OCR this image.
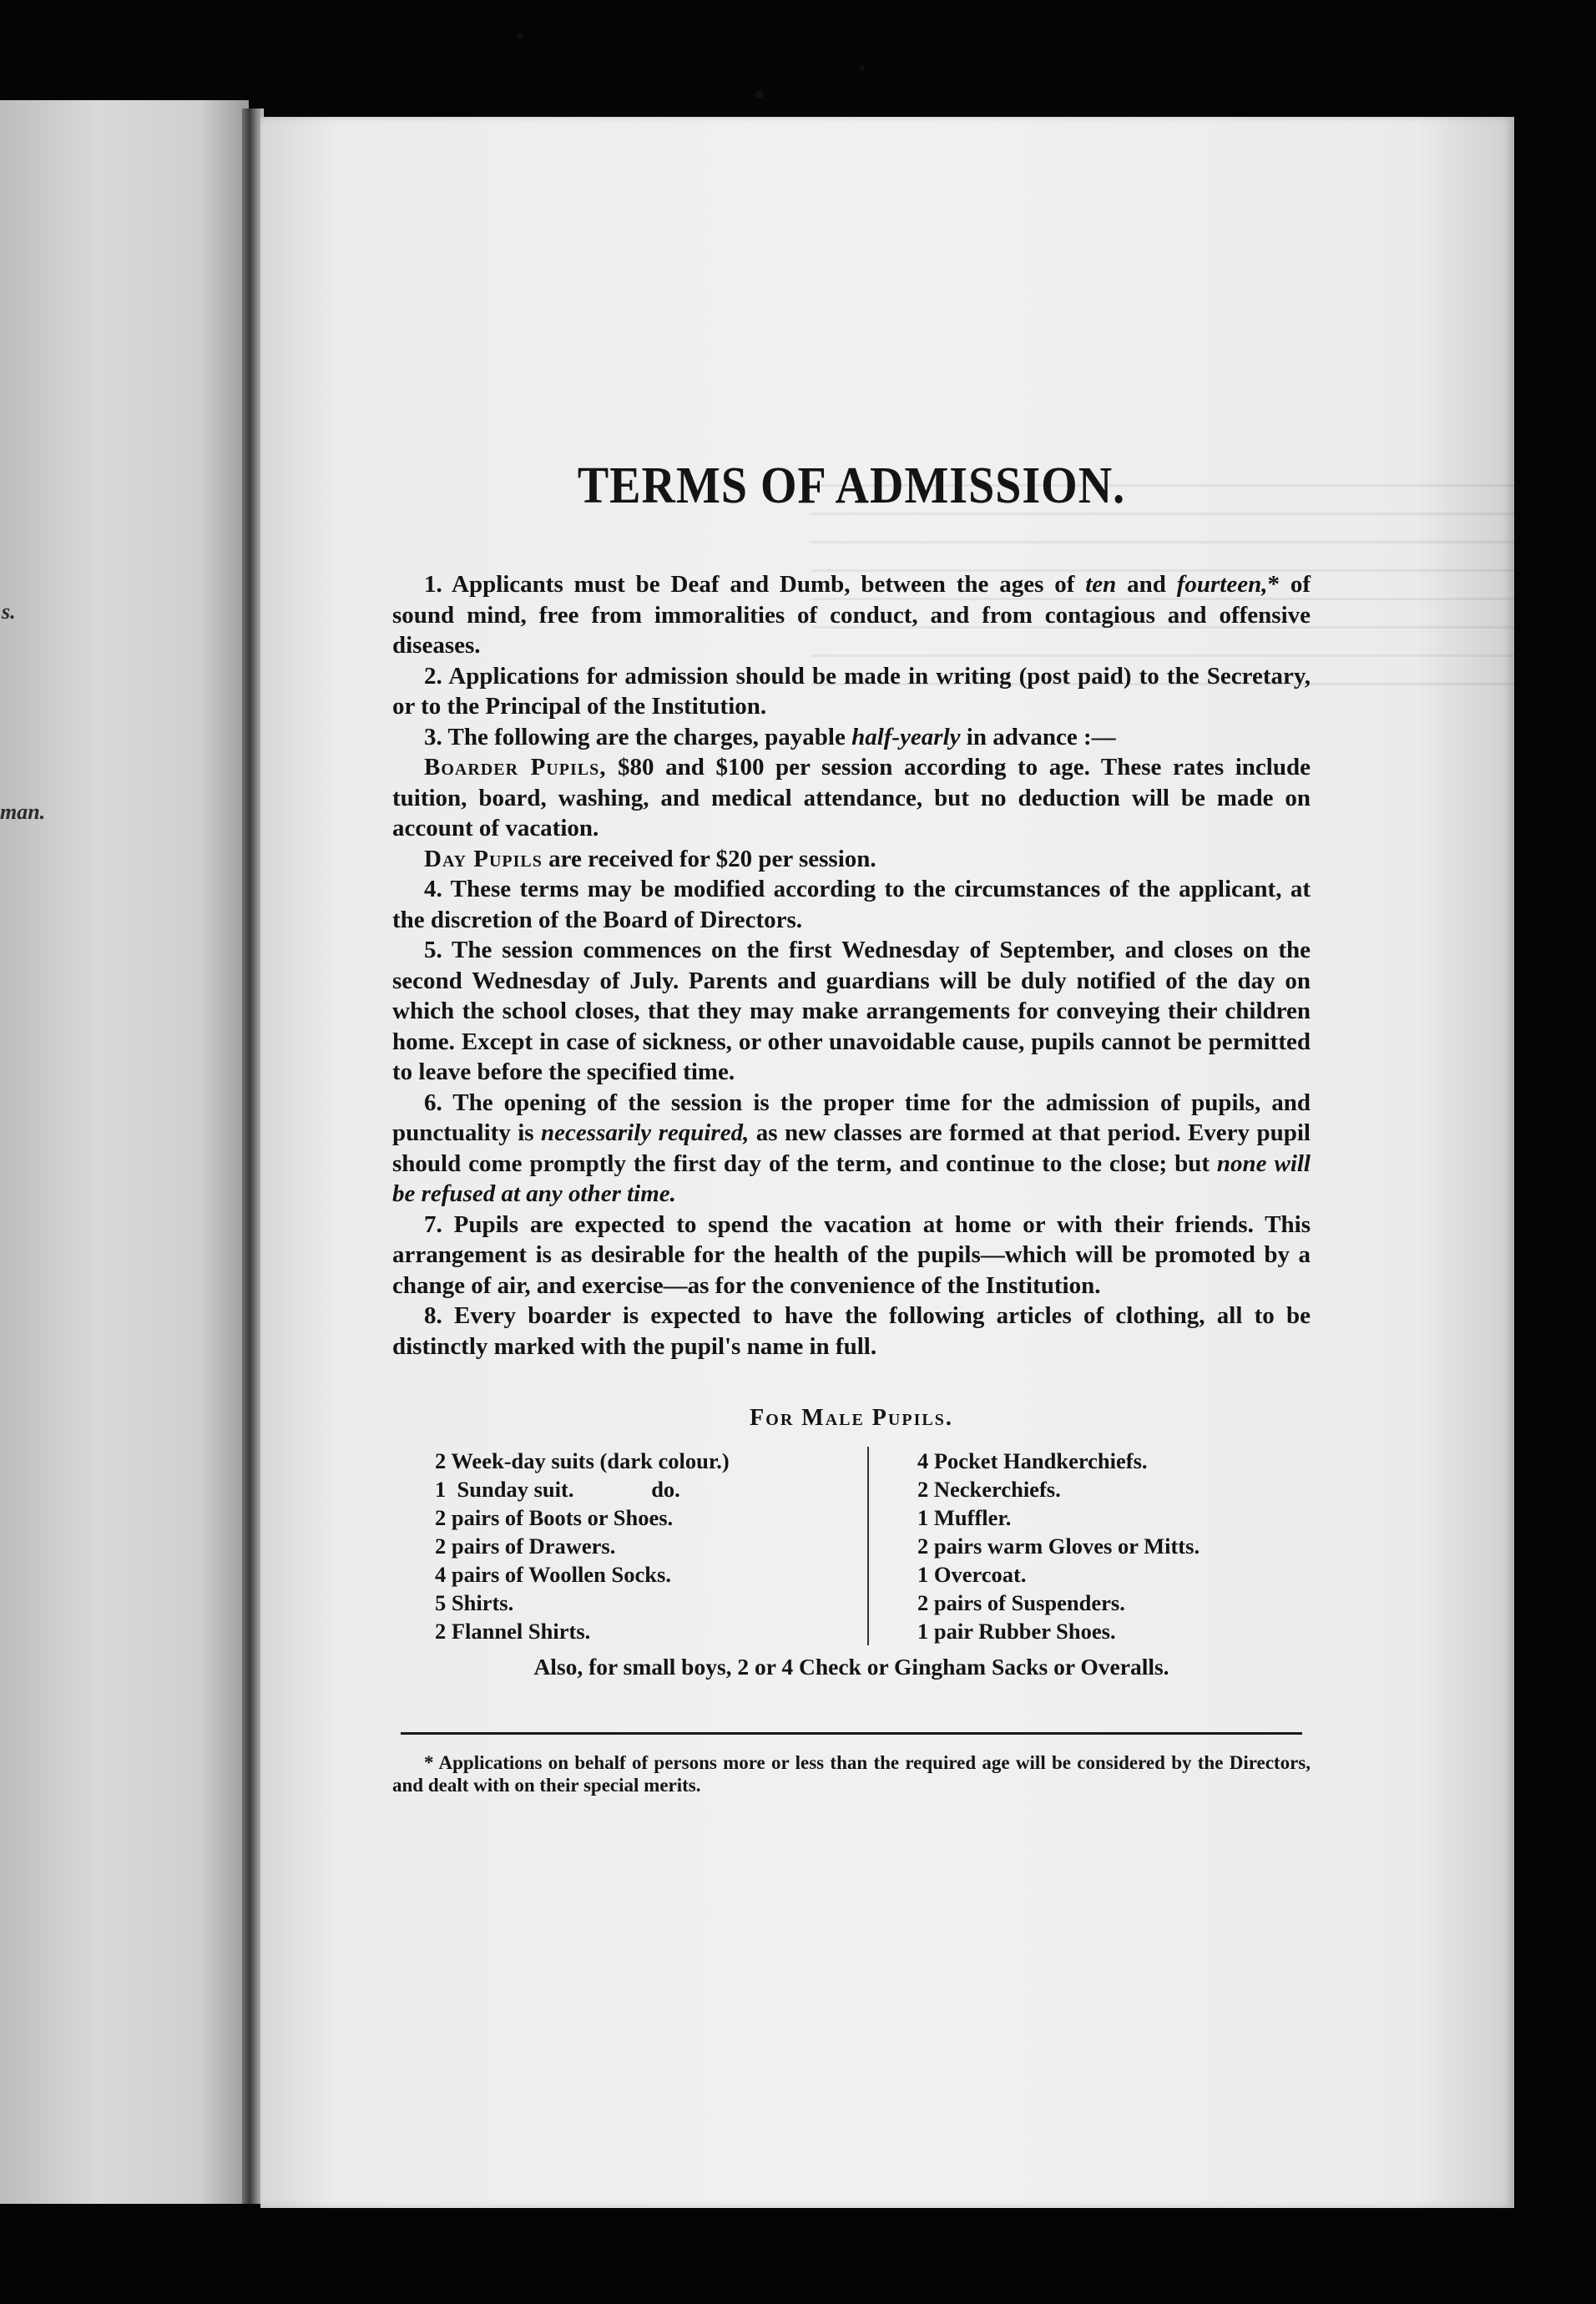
s.
man.
TERMS OF ADMISSION.

1. Applicants must be Deaf and Dumb, between the ages of ten and fourteen,* of sound mind, free from immoralities of conduct, and from contagious and offensive diseases.

2. Applications for admission should be made in writing (post paid) to the Secretary, or to the Principal of the Institution.

3. The following are the charges, payable half-yearly in advance :—

Boarder Pupils, $80 and $100 per session according to age. These rates include tuition, board, washing, and medical attendance, but no deduction will be made on account of vacation.

Day Pupils are received for $20 per session.

4. These terms may be modified according to the circumstances of the applicant, at the discretion of the Board of Directors.

5. The session commences on the first Wednesday of September, and closes on the second Wednesday of July. Parents and guardians will be duly notified of the day on which the school closes, that they may make arrangements for conveying their children home. Except in case of sickness, or other unavoidable cause, pupils cannot be permitted to leave before the specified time.

6. The opening of the session is the proper time for the admission of pupils, and punctuality is necessarily required, as new classes are formed at that period. Every pupil should come promptly the first day of the term, and continue to the close; but none will be refused at any other time.

7. Pupils are expected to spend the vacation at home or with their friends. This arrangement is as desirable for the health of the pupils—which will be promoted by a change of air, and exercise—as for the convenience of the Institution.

8. Every boarder is expected to have the following articles of clothing, all to be distinctly marked with the pupil's name in full.

For Male Pupils.
2 Week-day suits (dark colour.)
1  Sunday suit.              do.
2 pairs of Boots or Shoes.
2 pairs of Drawers.
4 pairs of Woollen Socks.
5 Shirts.
2 Flannel Shirts.
4 Pocket Handkerchiefs.
2 Neckerchiefs.
1 Muffler.
2 pairs warm Gloves or Mitts.
1 Overcoat.
2 pairs of Suspenders.
1 pair Rubber Shoes.
Also, for small boys, 2 or 4 Check or Gingham Sacks or Overalls.
* Applications on behalf of persons more or less than the required age will be considered by the Directors, and dealt with on their special merits.
